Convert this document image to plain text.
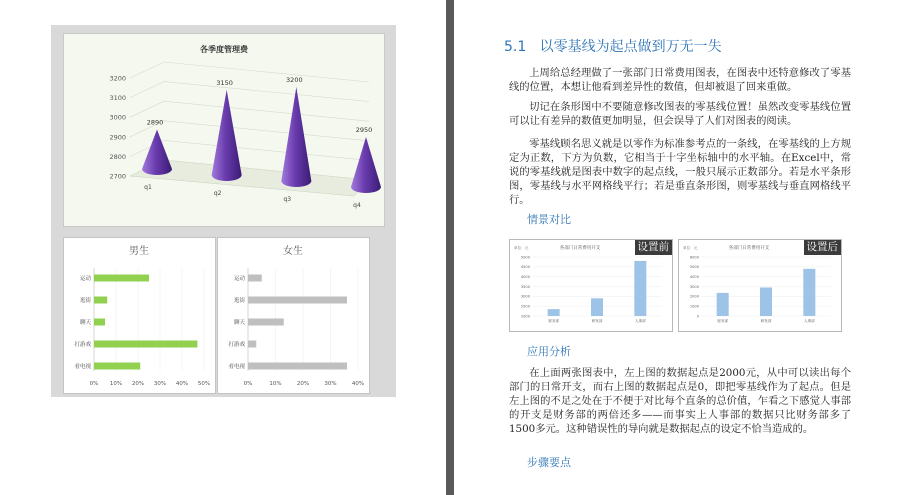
各季度管理费
3200
3100
3000
2900
2800
2700
2890
q1
3150
q2
3200
q3
2950
q4
男生
0% 10% 20% 30% 40% 50%
运动
逛街
聊天
打游戏
看电视
女生
0%	10%	20%	30%	40%
运动
逛街
聊天
打游戏
看电视
5.1 以零基线为起点做到万无一失

上周给总经理做了一张部门日常费用图表，在图表中还特意修改了零基线的位置，本想让他看到差异性的数值，但却被退了回来重做。

切记在条形图中不要随意修改图表的零基线位置！虽然改变零基线位置可以让有差异的数值更加明显，但会误导了人们对图表的阅读。

零基线顾名思义就是以零作为标准参考点的一条线，在零基线的上方规定为正数，下方为负数，它相当于十字坐标轴中的水平轴。在Excel中，常说的零基线就是图表中数字的起点线，一般只展示正数部分。若是水平条形图，零基线与水平网格线平行；若是垂直条形图，则零基线与垂直网格线平行。

情景对比
各部门日常费用开支
单位：元
5000
4500
4000
3500
3000
2500
2000
财务部	研发部	人事部
设置前	各部门日常费用开支
单位：元
6000
5000
4000
3000
2000
1000
0
财务部	研发部	人事部
设置后
应用分析

在上面两张图表中，左上图的数据起点是2000元，从中可以读出每个部门的日常开支，而右上图的数据起点是0，即把零基线作为了起点。但是左上图的不足之处在于不便于对比每个直条的总价值，乍看之下感觉人事部的开支是财务部的两倍还多——而事实上人事部的数据只比财务部多了1500多元。这种错误性的导向就是数据起点的设定不恰当造成的。

步骤要点
